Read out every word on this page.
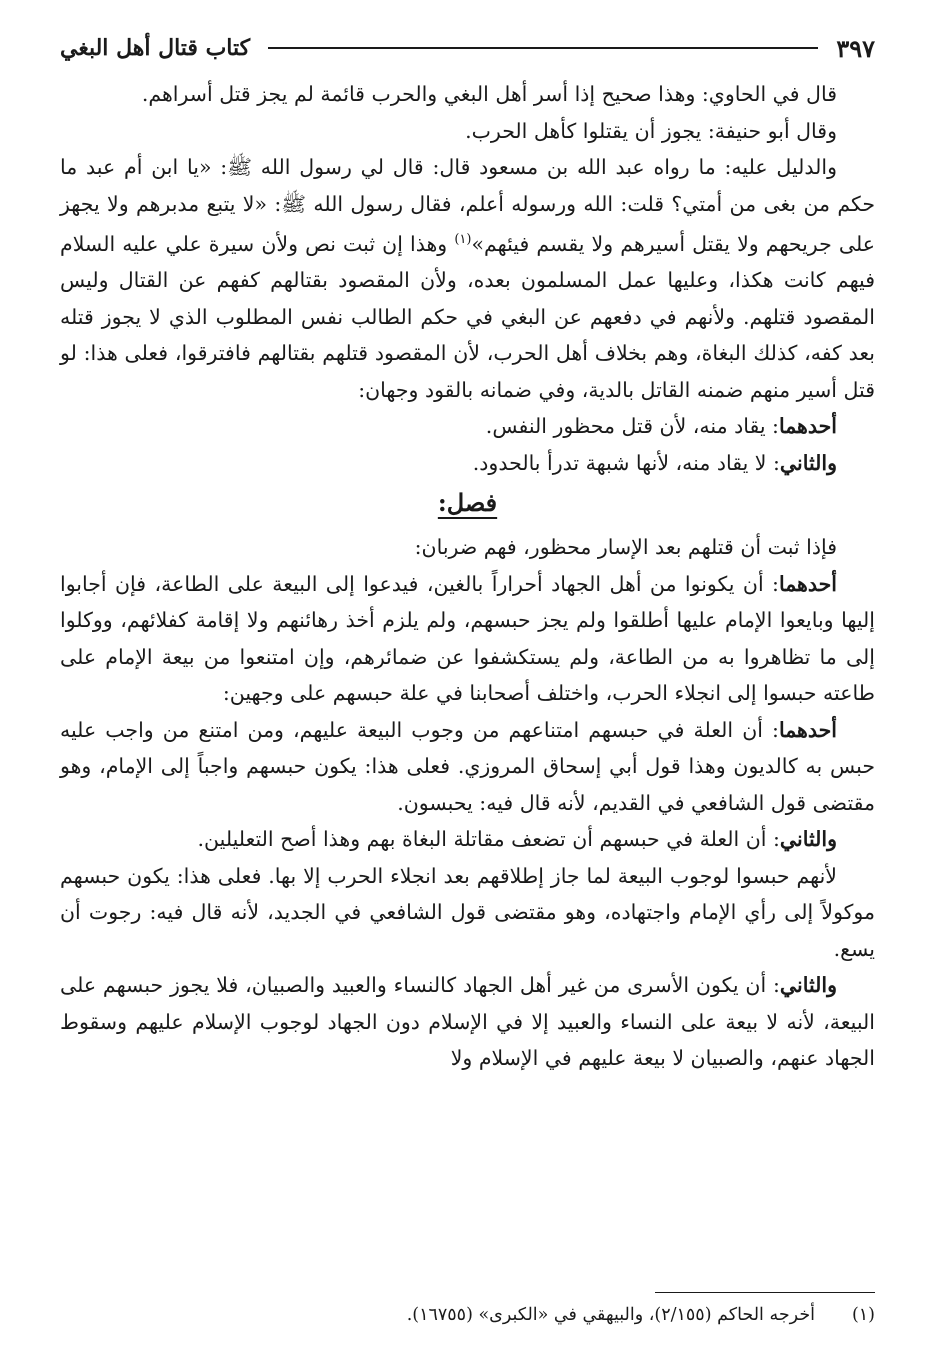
٣٩٧
كتاب قتال أهل البغي

قال في الحاوي: وهذا صحيح إذا أسر أهل البغي والحرب قائمة لم يجز قتل أسراهم.

وقال أبو حنيفة: يجوز أن يقتلوا كأهل الحرب.

والدليل عليه: ما رواه عبد الله بن مسعود قال: قال لي رسول الله ﷺ: «يا ابن أم عبد ما حكم من بغى من أمتي؟ قلت: الله ورسوله أعلم، فقال رسول الله ﷺ: «لا يتبع مدبرهم ولا يجهز على جريحهم ولا يقتل أسيرهم ولا يقسم فيئهم»$^{(١)}$ وهذا إن ثبت نص ولأن سيرة علي عليه السلام فيهم كانت هكذا، وعليها عمل المسلمون بعده، ولأن المقصود بقتالهم كفهم عن القتال وليس المقصود قتلهم. ولأنهم في دفعهم عن البغي في حكم الطالب نفس المطلوب الذي لا يجوز قتله بعد كفه، كذلك البغاة، وهم بخلاف أهل الحرب، لأن المقصود قتلهم بقتالهم فافترقوا، فعلى هذا: لو قتل أسير منهم ضمنه القاتل بالدية، وفي ضمانه بالقود وجهان:

أحدهما: يقاد منه، لأن قتل محظور النفس.

والثاني: لا يقاد منه، لأنها شبهة تدرأ بالحدود.

فصل:

فإذا ثبت أن قتلهم بعد الإسار محظور، فهم ضربان:

أحدهما: أن يكونوا من أهل الجهاد أحراراً بالغين، فيدعوا إلى البيعة على الطاعة، فإن أجابوا إليها وبايعوا الإمام عليها أطلقوا ولم يجز حبسهم، ولم يلزم أخذ رهائنهم ولا إقامة كفلائهم، ووكلوا إلى ما تظاهروا به من الطاعة، ولم يستكشفوا عن ضمائرهم، وإن امتنعوا من بيعة الإمام على طاعته حبسوا إلى انجلاء الحرب، واختلف أصحابنا في علة حبسهم على وجهين:

أحدهما: أن العلة في حبسهم امتناعهم من وجوب البيعة عليهم، ومن امتنع من واجب عليه حبس به كالديون وهذا قول أبي إسحاق المروزي. فعلى هذا: يكون حبسهم واجباً إلى الإمام، وهو مقتضى قول الشافعي في القديم، لأنه قال فيه: يحبسون.

والثاني: أن العلة في حبسهم أن تضعف مقاتلة البغاة بهم وهذا أصح التعليلين.

لأنهم حبسوا لوجوب البيعة لما جاز إطلاقهم بعد انجلاء الحرب إلا بها. فعلى هذا: يكون حبسهم موكولاً إلى رأي الإمام واجتهاده، وهو مقتضى قول الشافعي في الجديد، لأنه قال فيه: رجوت أن يسع.

والثاني: أن يكون الأسرى من غير أهل الجهاد كالنساء والعبيد والصبيان، فلا يجوز حبسهم على البيعة، لأنه لا بيعة على النساء والعبيد إلا في الإسلام دون الجهاد لوجوب الإسلام عليهم وسقوط الجهاد عنهم، والصبيان لا بيعة عليهم في الإسلام ولا

(١)أخرجه الحاكم (٢/١٥٥)، والبيهقي في «الكبرى» (١٦٧٥٥).
